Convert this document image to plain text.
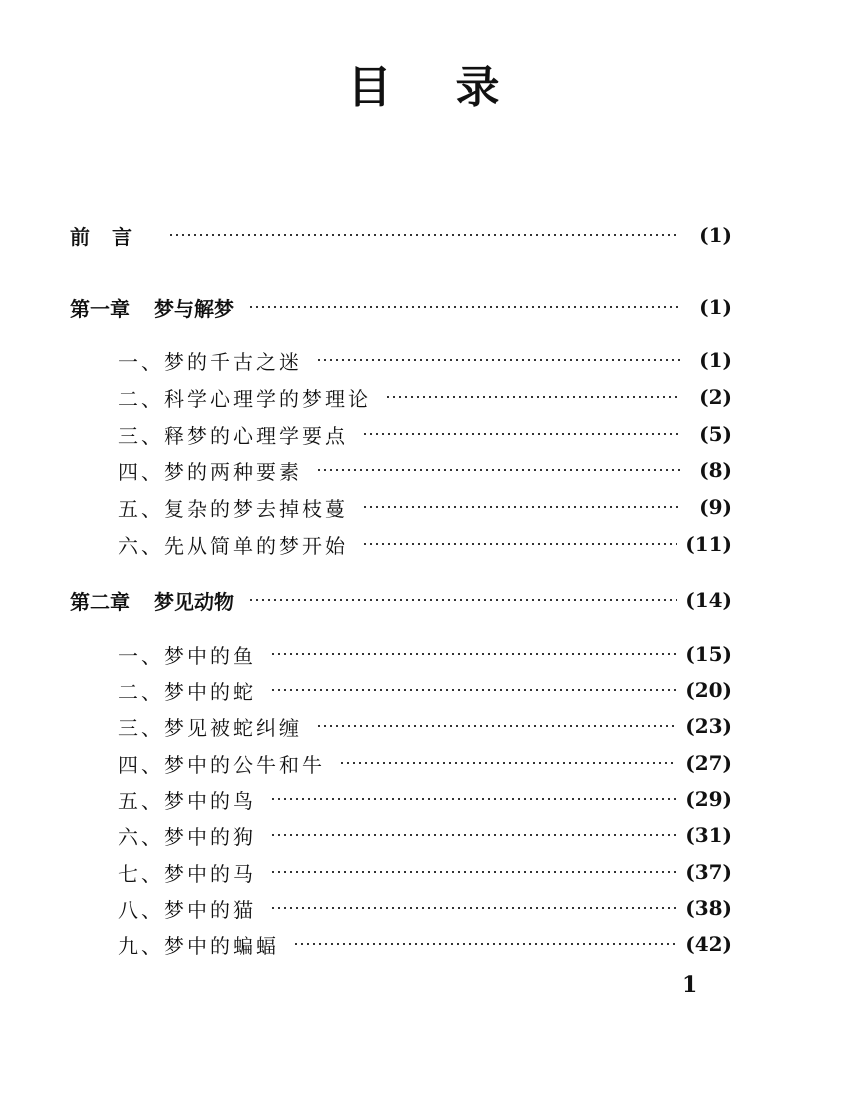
目录
前言	(1)
第一章 梦与解梦	(1)
一、梦的千古之迷	(1)
二、科学心理学的梦理论	(2)
三、释梦的心理学要点	(5)
四、梦的两种要素	(8)
五、复杂的梦去掉枝蔓	(9)
六、先从简单的梦开始	(11)
第二章 梦见动物	(14)
一、梦中的鱼	(15)
二、梦中的蛇	(20)
三、梦见被蛇纠缠	(23)
四、梦中的公牛和牛	(27)
五、梦中的鸟	(29)
六、梦中的狗	(31)
七、梦中的马	(37)
八、梦中的猫	(38)
九、梦中的蝙蝠	(42)
1
